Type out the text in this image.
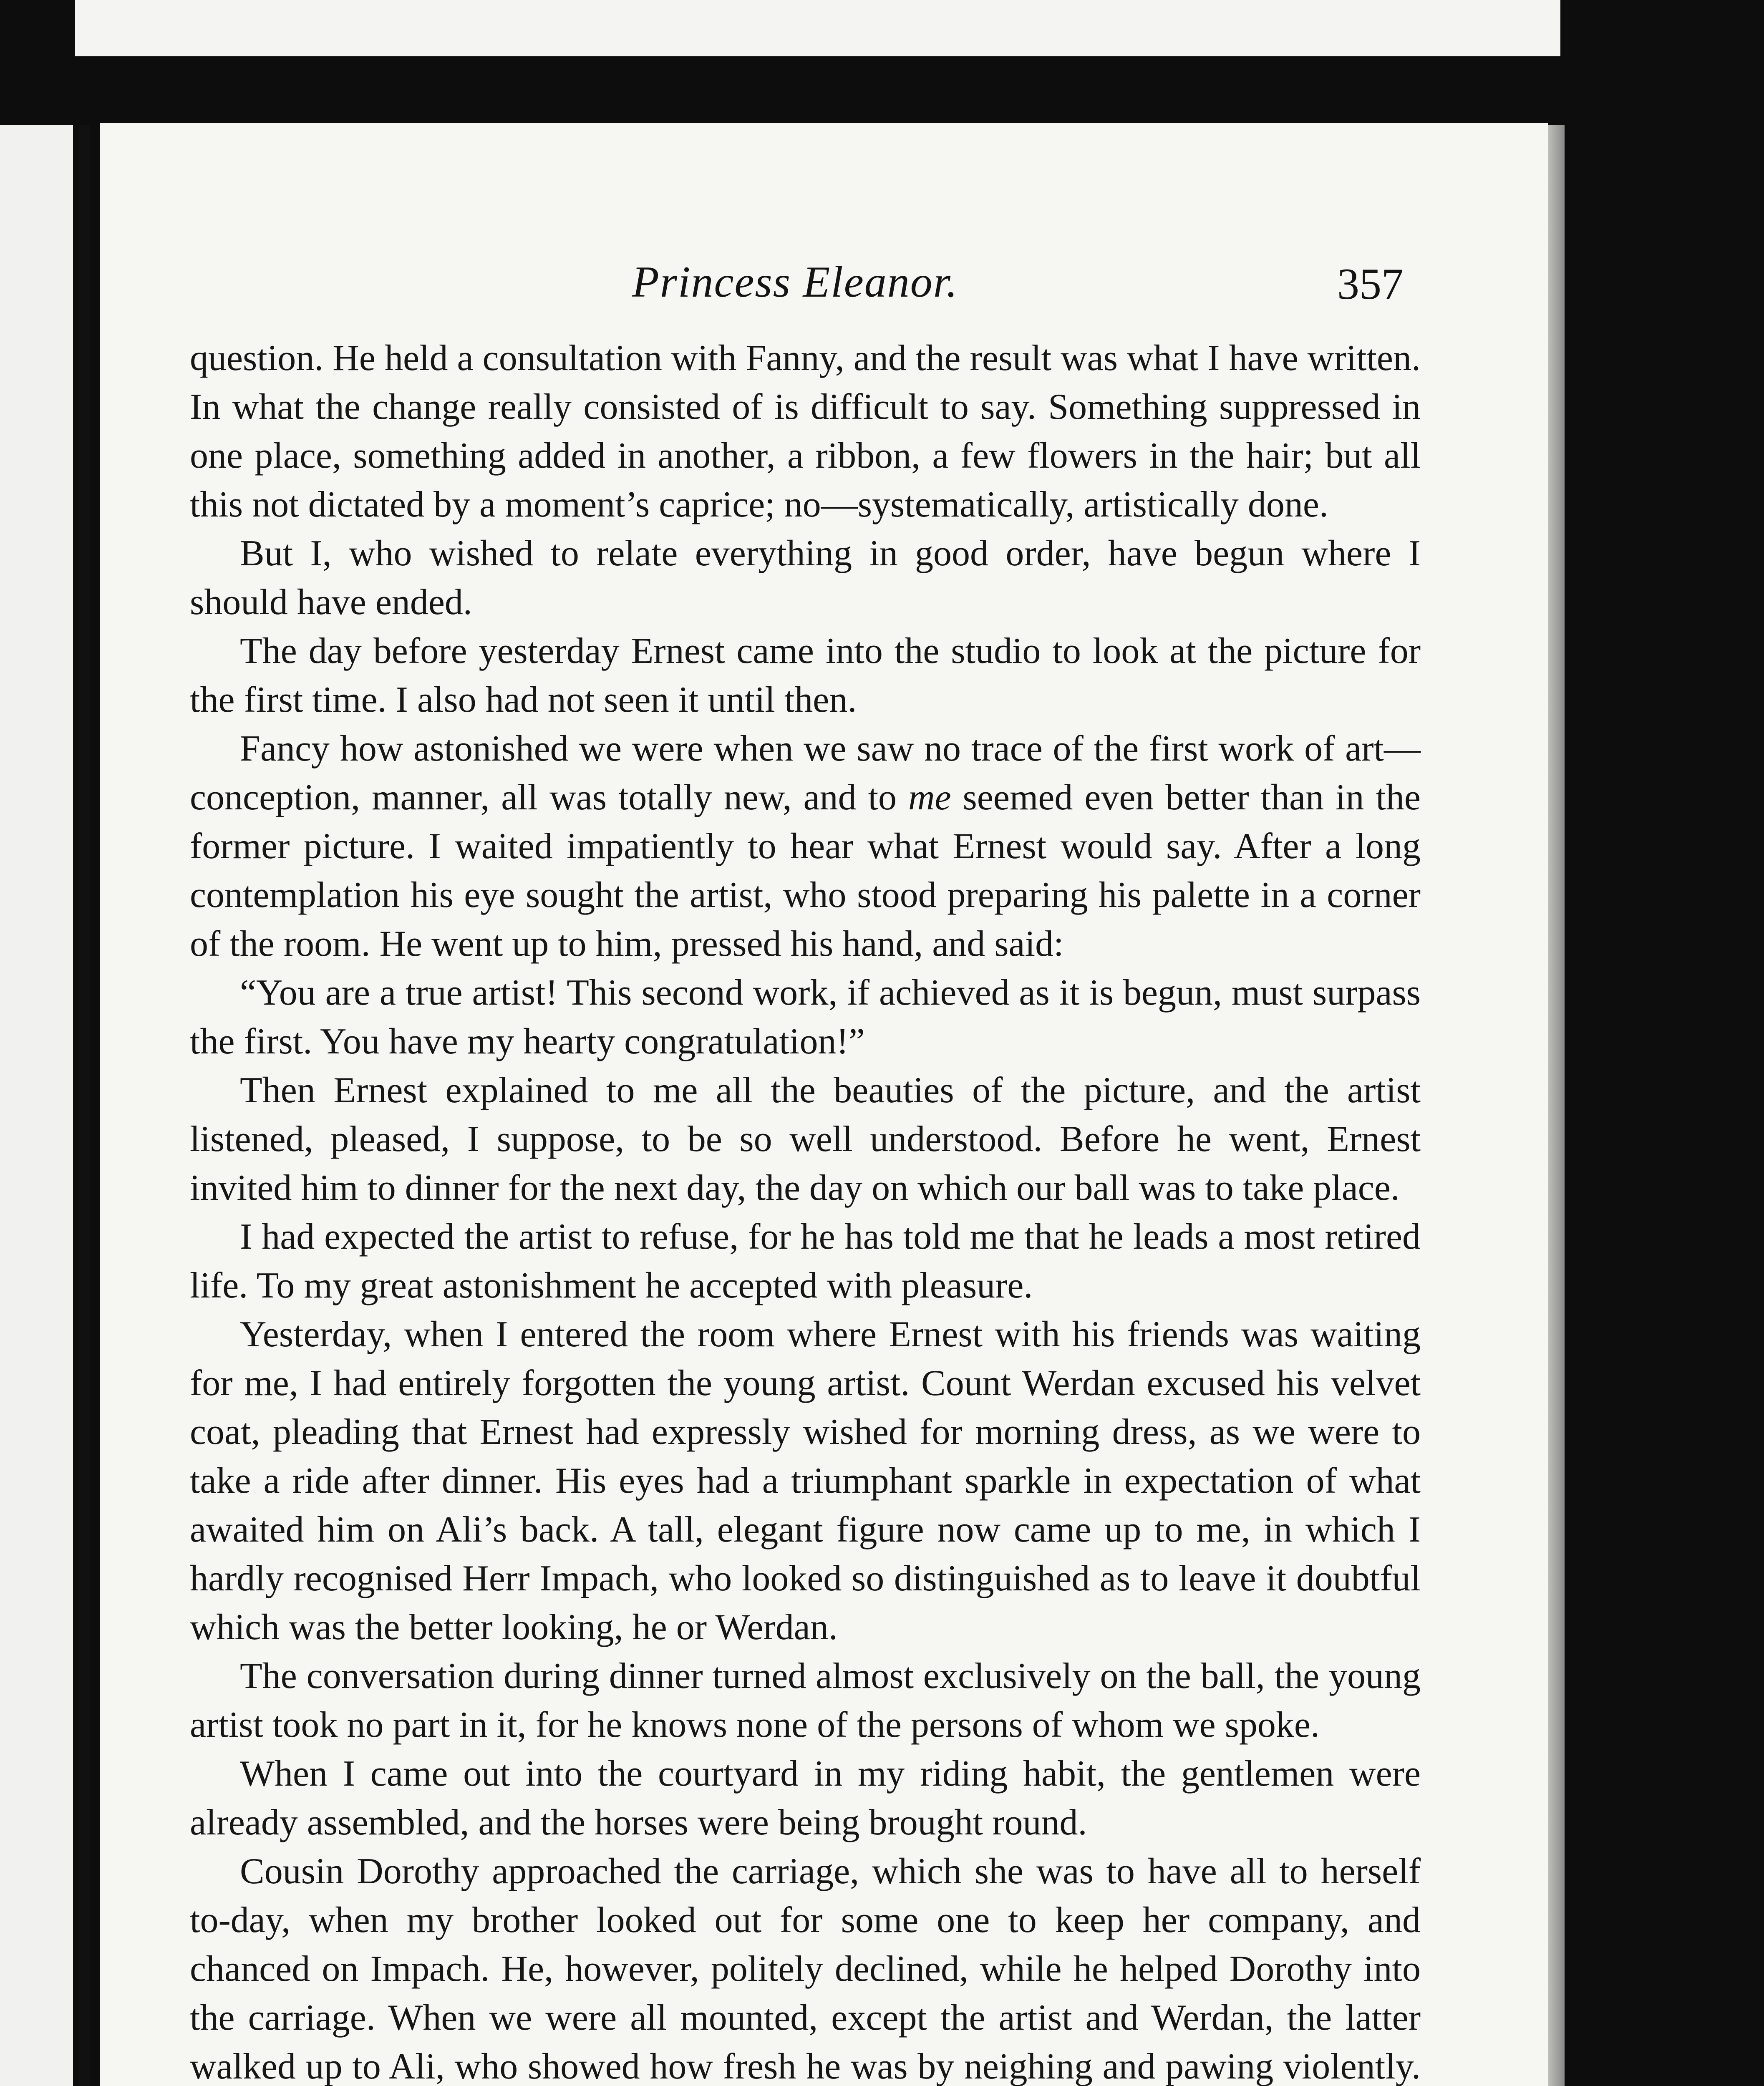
Princess Eleanor.	357

question. He held a consultation with Fanny, and the result was what I have written. In what the change really consisted of is difficult to say. Something suppressed in one place, something added in another, a ribbon, a few flowers in the hair; but all this not dictated by a moment’s caprice; no—systematically, artistically done.

But I, who wished to relate everything in good order, have begun where I should have ended.

The day before yesterday Ernest came into the studio to look at the picture for the first time. I also had not seen it until then.

Fancy how astonished we were when we saw no trace of the first work of art—conception, manner, all was totally new, and to me seemed even better than in the former picture. I waited impatiently to hear what Ernest would say. After a long contemplation his eye sought the artist, who stood preparing his palette in a corner of the room. He went up to him, pressed his hand, and said:

“You are a true artist! This second work, if achieved as it is begun, must surpass the first. You have my hearty congratulation!”

Then Ernest explained to me all the beauties of the picture, and the artist listened, pleased, I suppose, to be so well understood. Before he went, Ernest invited him to dinner for the next day, the day on which our ball was to take place.

I had expected the artist to refuse, for he has told me that he leads a most retired life. To my great astonishment he accepted with pleasure.

Yesterday, when I entered the room where Ernest with his friends was waiting for me, I had entirely forgotten the young artist. Count Werdan excused his velvet coat, pleading that Ernest had expressly wished for morning dress, as we were to take a ride after dinner. His eyes had a triumphant sparkle in expectation of what awaited him on Ali’s back. A tall, elegant figure now came up to me, in which I hardly recognised Herr Impach, who looked so distinguished as to leave it doubtful which was the better looking, he or Werdan.

The conversation during dinner turned almost exclusively on the ball, the young artist took no part in it, for he knows none of the persons of whom we spoke.

When I came out into the courtyard in my riding habit, the gentlemen were already assembled, and the horses were being brought round.

Cousin Dorothy approached the carriage, which she was to have all to herself to-day, when my brother looked out for some one to keep her company, and chanced on Impach. He, however, politely declined, while he helped Dorothy into the carriage. When we were all mounted, except the artist and Werdan, the latter walked up to Ali, who showed how fresh he was by neighing and pawing violently.
